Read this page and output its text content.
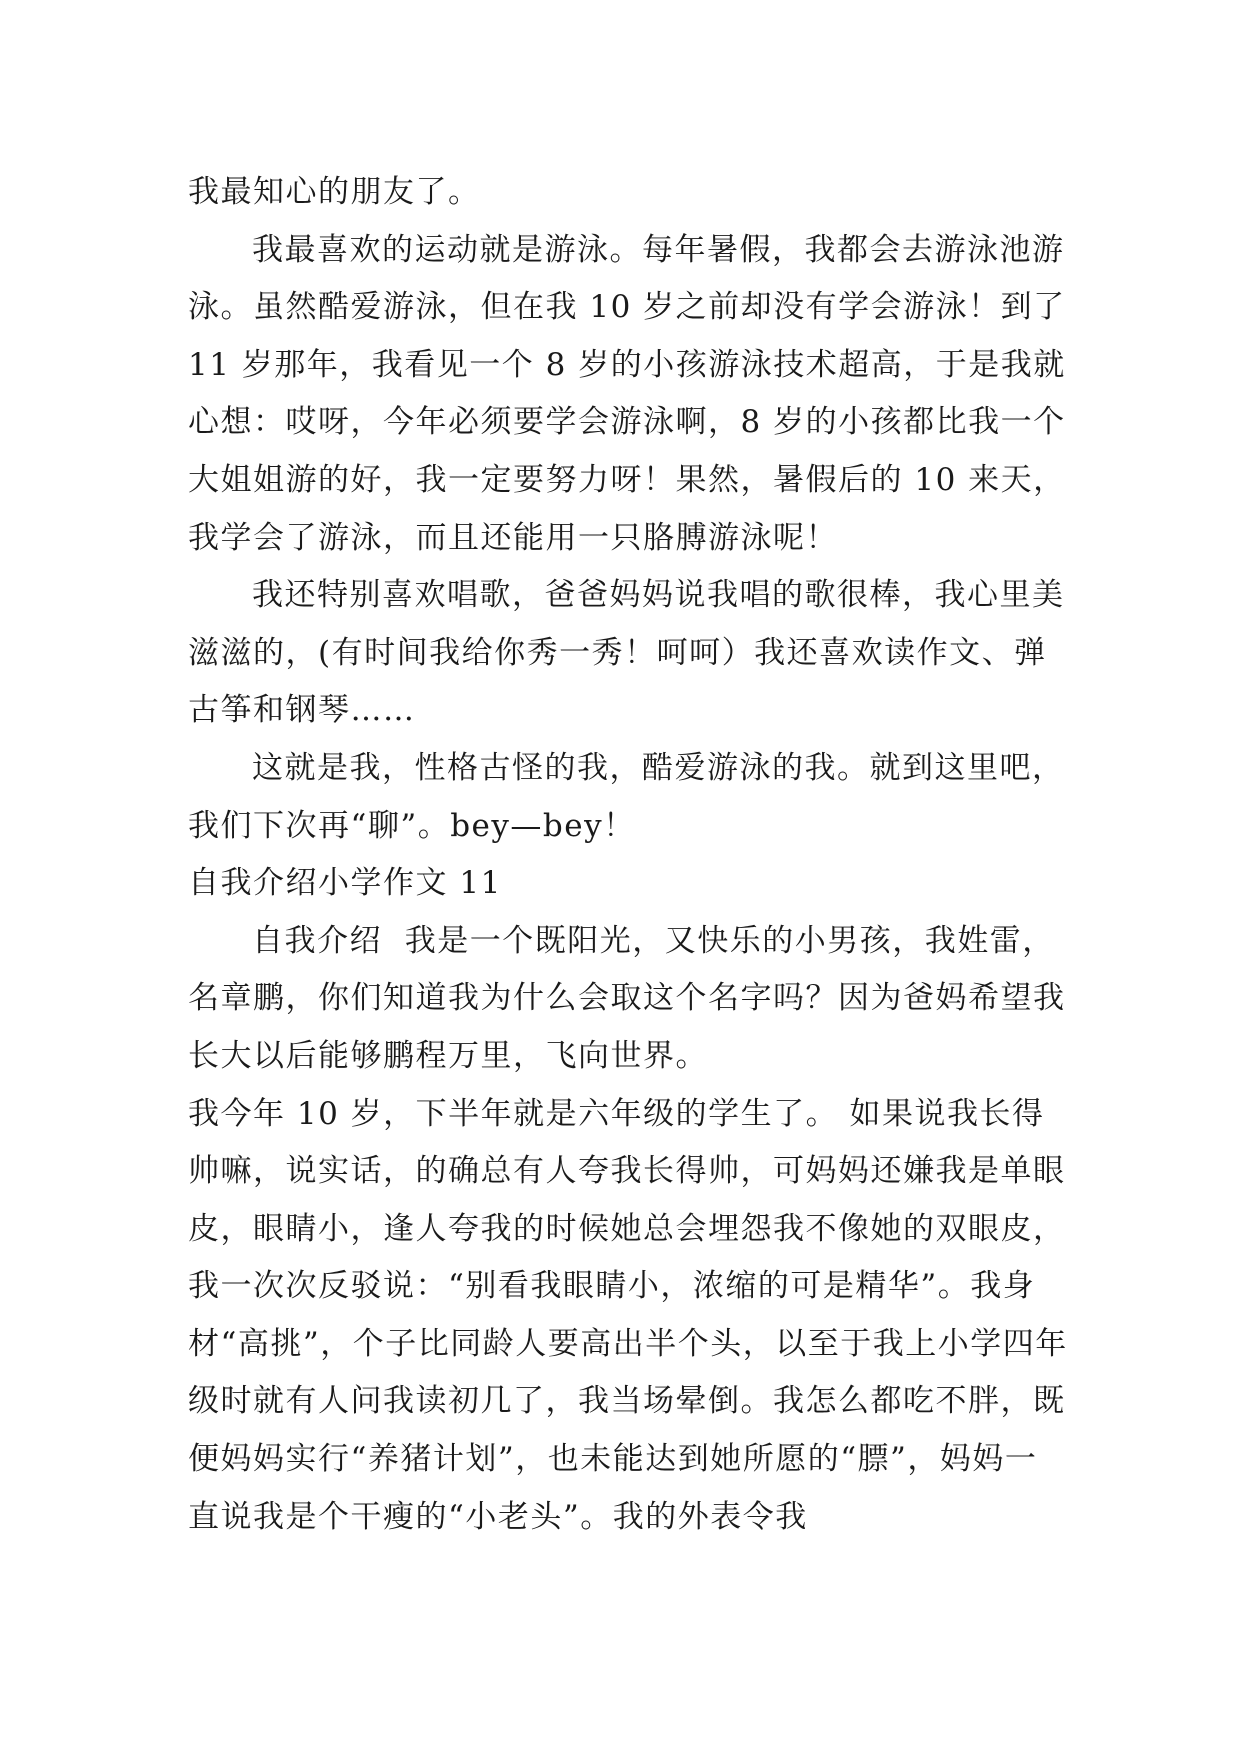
我最知心的朋友了。

我最喜欢的运动就是游泳。每年暑假，我都会去游泳池游泳。虽然酷爱游泳，但在我 10 岁之前却没有学会游泳！到了 11 岁那年，我看见一个 8 岁的小孩游泳技术超高，于是我就心想：哎呀，今年必须要学会游泳啊，8 岁的小孩都比我一个大姐姐游的好，我一定要努力呀！果然，暑假后的 10 来天，我学会了游泳，而且还能用一只胳膊游泳呢！

我还特别喜欢唱歌，爸爸妈妈说我唱的歌很棒，我心里美滋滋的，(有时间我给你秀一秀！呵呵）我还喜欢读作文、弹古筝和钢琴……

这就是我，性格古怪的我，酷爱游泳的我。就到这里吧，我们下次再“聊”。bey—bey！

自我介绍小学作文 11

自我介绍  我是一个既阳光，又快乐的小男孩，我姓雷，名章鹏，你们知道我为什么会取这个名字吗？因为爸妈希望我长大以后能够鹏程万里，飞向世界。

我今年 10 岁，下半年就是六年级的学生了。 如果说我长得帅嘛，说实话，的确总有人夸我长得帅，可妈妈还嫌我是单眼皮，眼睛小，逢人夸我的时候她总会埋怨我不像她的双眼皮，我一次次反驳说：“别看我眼睛小，浓缩的可是精华”。我身材“高挑”，个子比同龄人要高出半个头，以至于我上小学四年级时就有人问我读初几了，我当场晕倒。我怎么都吃不胖，既便妈妈实行“养猪计划”，也未能达到她所愿的“膘”，妈妈一直说我是个干瘦的“小老头”。我的外表令我
